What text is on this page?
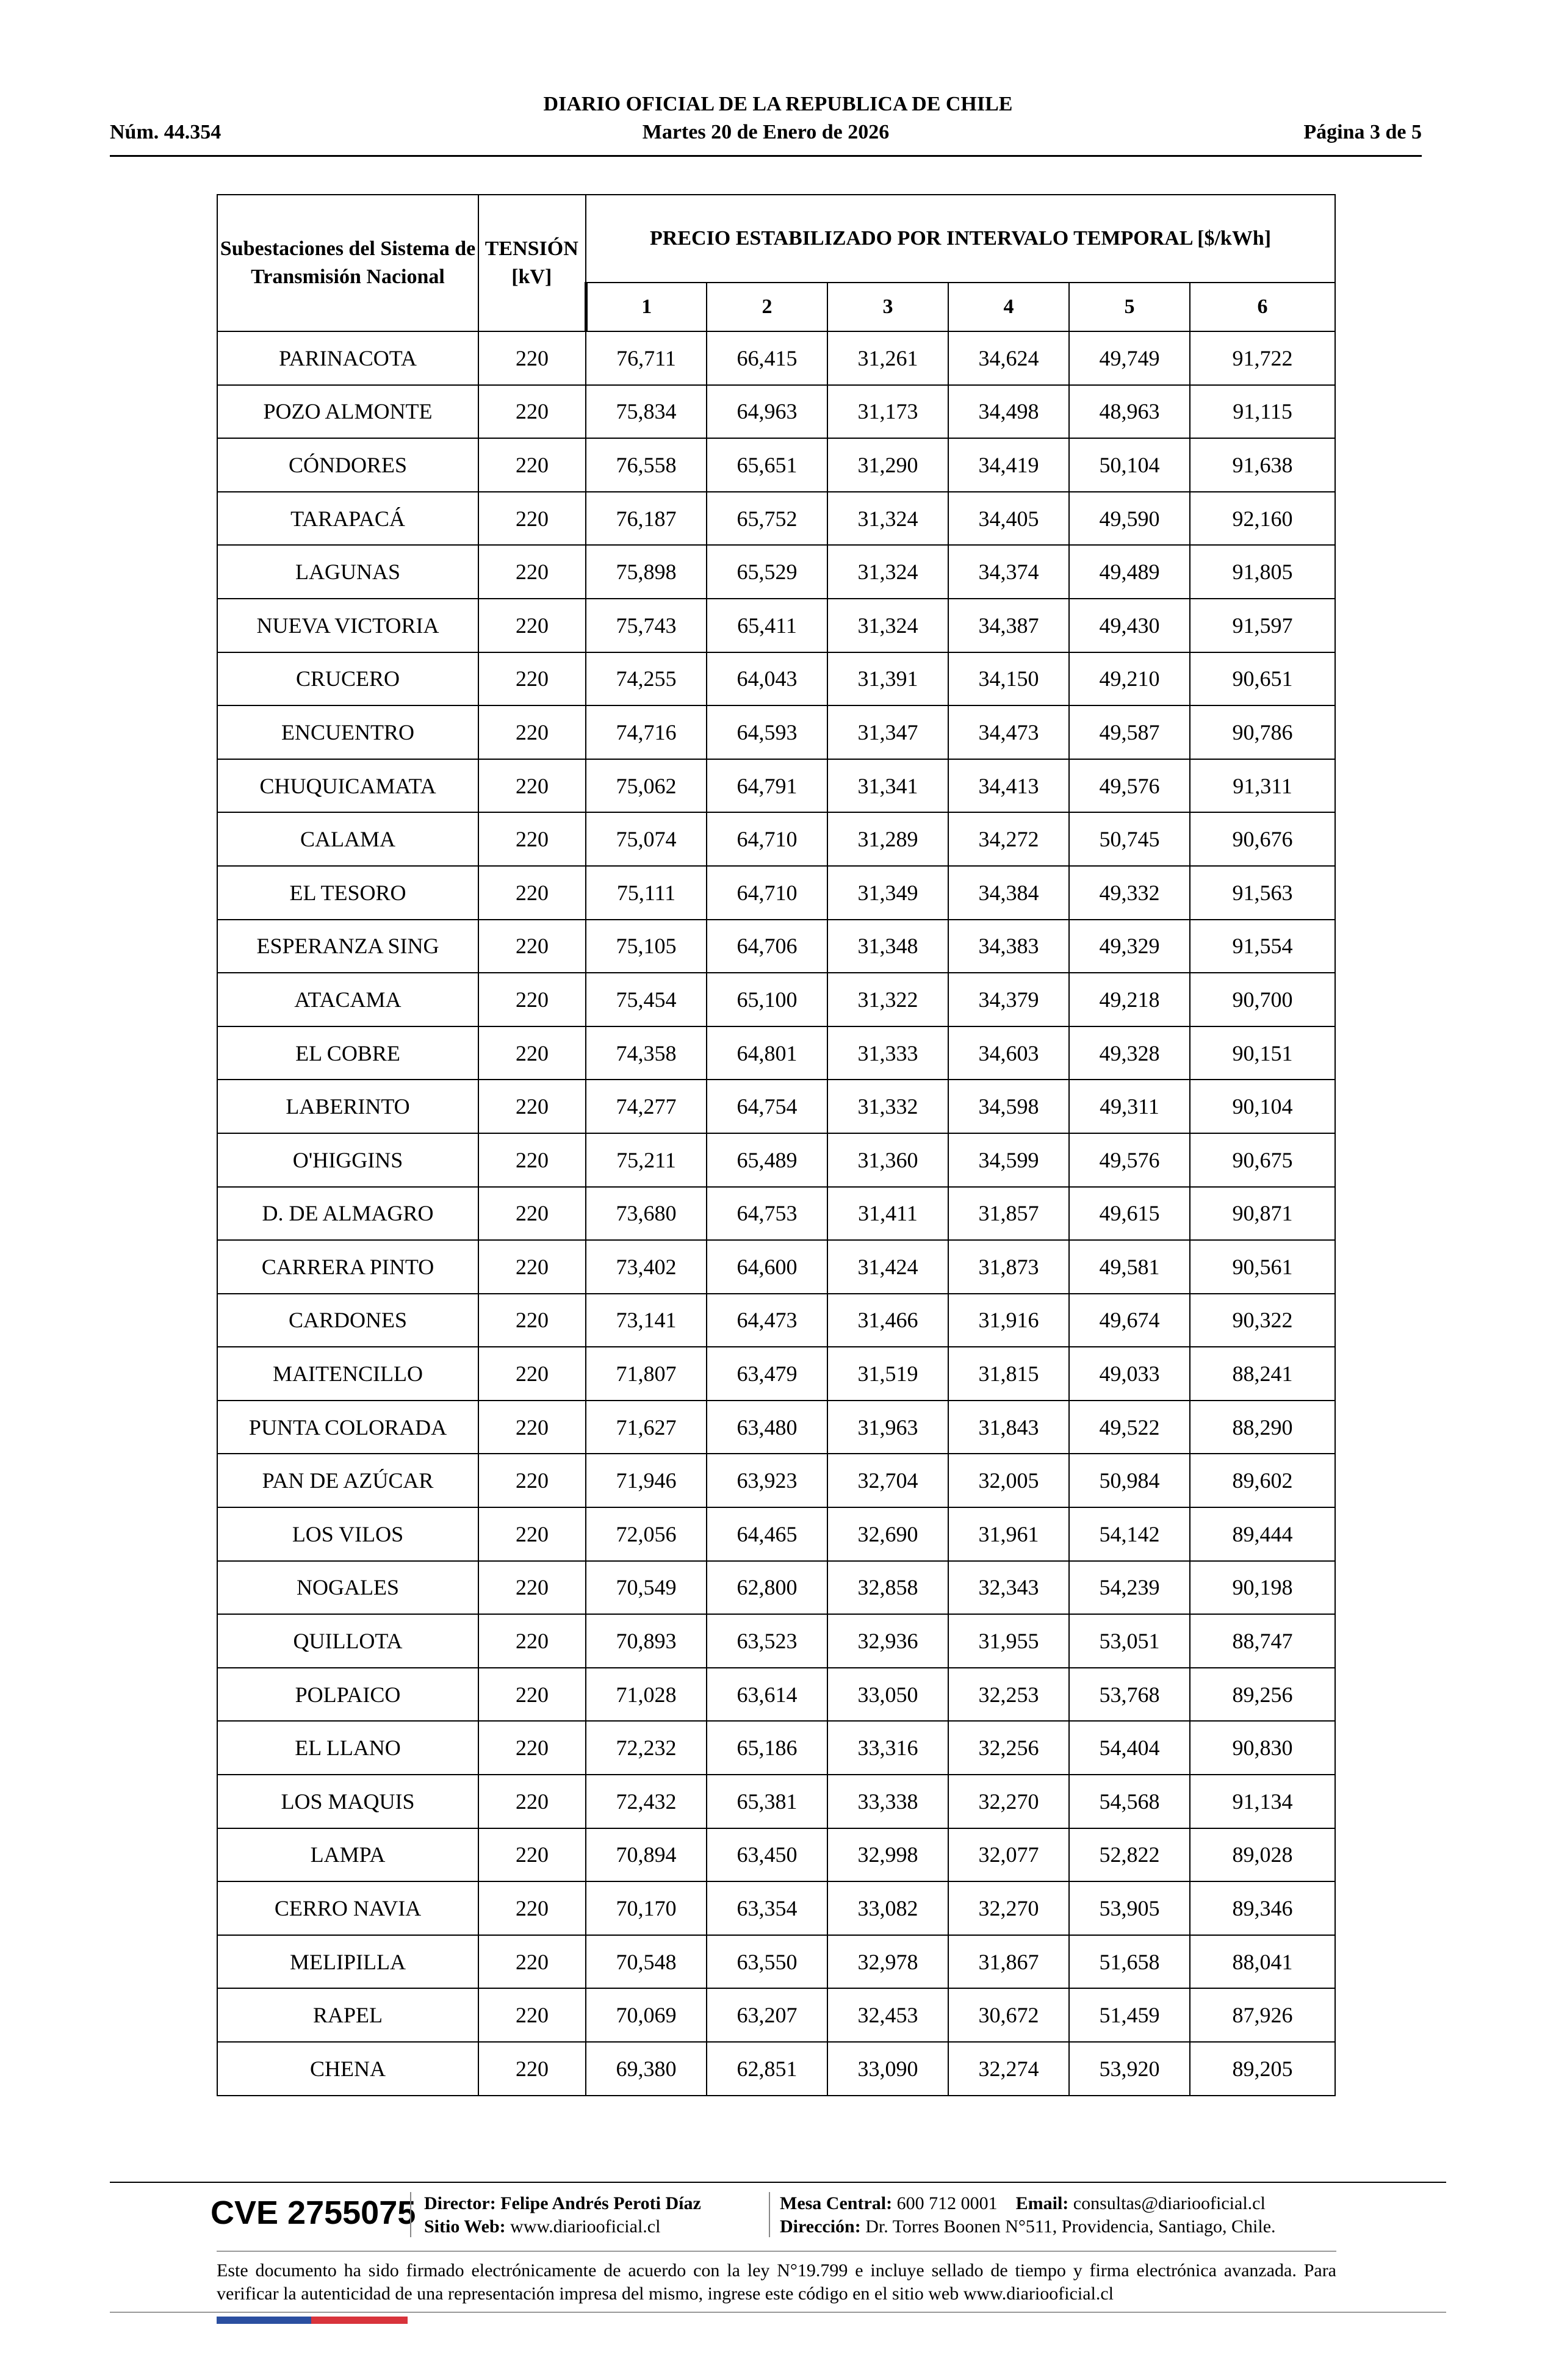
DIARIO OFICIAL DE LA REPUBLICA DE CHILE
Núm. 44.354	Martes 20 de Enero de 2026	Página 3 de 5
Subestaciones del Sistema de Transmisión Nacional	TENSIÓN [kV]	PRECIO ESTABILIZADO POR INTERVALO TEMPORAL [$/kWh]					
		1	2	3	4	5	6
PARINACOTA	220	76,711	66,415	31,261	34,624	49,749	91,722
POZO ALMONTE	220	75,834	64,963	31,173	34,498	48,963	91,115
CÓNDORES	220	76,558	65,651	31,290	34,419	50,104	91,638
TARAPACÁ	220	76,187	65,752	31,324	34,405	49,590	92,160
LAGUNAS	220	75,898	65,529	31,324	34,374	49,489	91,805
NUEVA VICTORIA	220	75,743	65,411	31,324	34,387	49,430	91,597
CRUCERO	220	74,255	64,043	31,391	34,150	49,210	90,651
ENCUENTRO	220	74,716	64,593	31,347	34,473	49,587	90,786
CHUQUICAMATA	220	75,062	64,791	31,341	34,413	49,576	91,311
CALAMA	220	75,074	64,710	31,289	34,272	50,745	90,676
EL TESORO	220	75,111	64,710	31,349	34,384	49,332	91,563
ESPERANZA SING	220	75,105	64,706	31,348	34,383	49,329	91,554
ATACAMA	220	75,454	65,100	31,322	34,379	49,218	90,700
EL COBRE	220	74,358	64,801	31,333	34,603	49,328	90,151
LABERINTO	220	74,277	64,754	31,332	34,598	49,311	90,104
O'HIGGINS	220	75,211	65,489	31,360	34,599	49,576	90,675
D. DE ALMAGRO	220	73,680	64,753	31,411	31,857	49,615	90,871
CARRERA PINTO	220	73,402	64,600	31,424	31,873	49,581	90,561
CARDONES	220	73,141	64,473	31,466	31,916	49,674	90,322
MAITENCILLO	220	71,807	63,479	31,519	31,815	49,033	88,241
PUNTA COLORADA	220	71,627	63,480	31,963	31,843	49,522	88,290
PAN DE AZÚCAR	220	71,946	63,923	32,704	32,005	50,984	89,602
LOS VILOS	220	72,056	64,465	32,690	31,961	54,142	89,444
NOGALES	220	70,549	62,800	32,858	32,343	54,239	90,198
QUILLOTA	220	70,893	63,523	32,936	31,955	53,051	88,747
POLPAICO	220	71,028	63,614	33,050	32,253	53,768	89,256
EL LLANO	220	72,232	65,186	33,316	32,256	54,404	90,830
LOS MAQUIS	220	72,432	65,381	33,338	32,270	54,568	91,134
LAMPA	220	70,894	63,450	32,998	32,077	52,822	89,028
CERRO NAVIA	220	70,170	63,354	33,082	32,270	53,905	89,346
MELIPILLA	220	70,548	63,550	32,978	31,867	51,658	88,041
RAPEL	220	70,069	63,207	32,453	30,672	51,459	87,926
CHENA	220	69,380	62,851	33,090	32,274	53,920	89,205
CVE 2755075 Director: Felipe Andrés Peroti Díaz
Sitio Web: www.diariooficial.cl
Mesa Central: 600 712 0001 Email: consultas@diariooficial.cl
Dirección: Dr. Torres Boonen N°511, Providencia, Santiago, Chile.
Este documento ha sido firmado electrónicamente de acuerdo con la ley N°19.799 e incluye sellado de tiempo y firma electrónica avanzada. Para verificar la autenticidad de una representación impresa del mismo, ingrese este código en el sitio web www.diariooficial.cl
